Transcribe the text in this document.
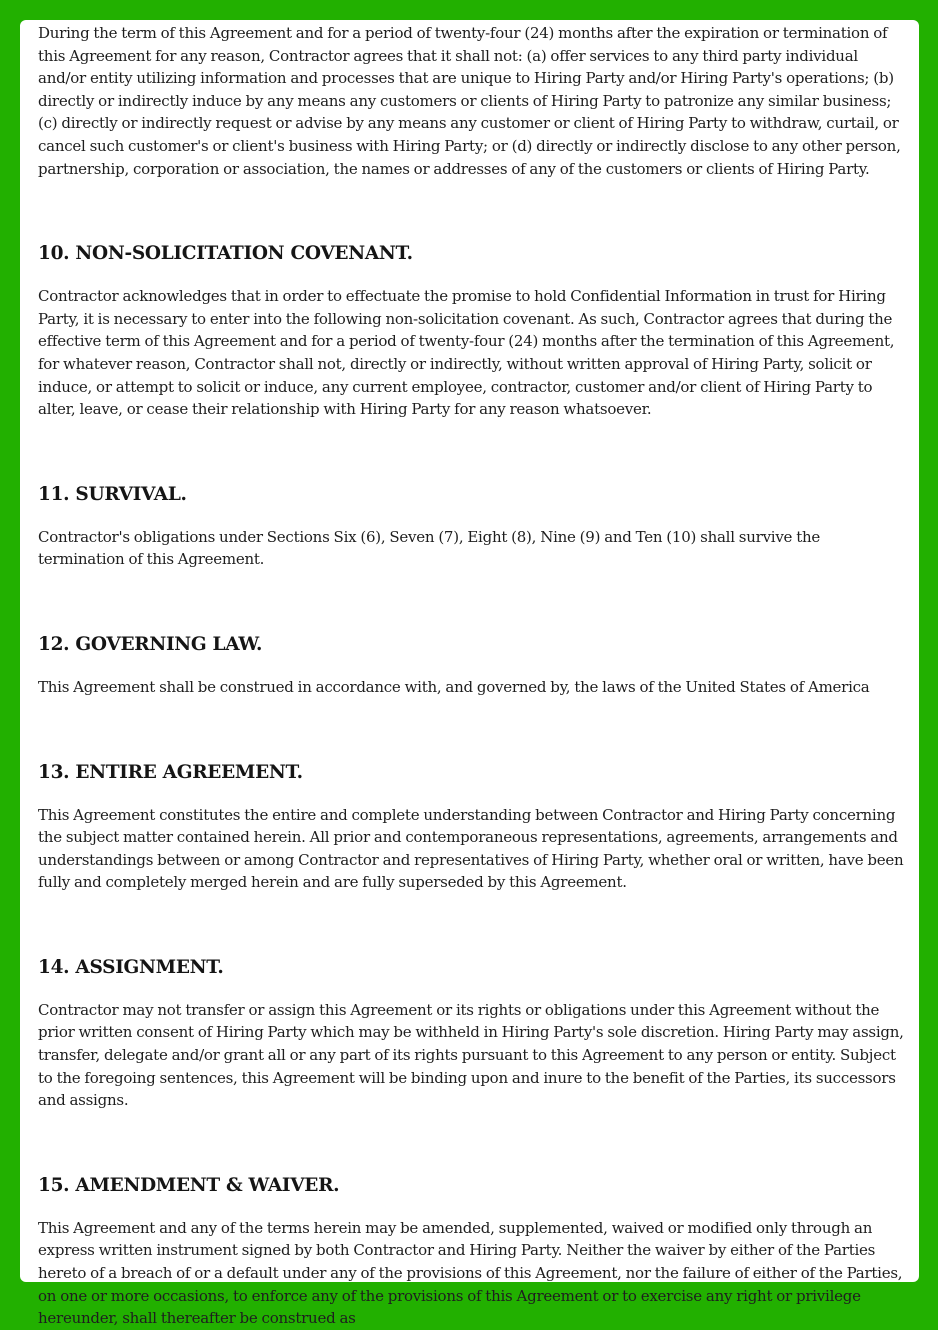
During the term of this Agreement and for a period of twenty-four (24) months after the expiration or termination of this Agreement for any reason, Contractor agrees that it shall not: (a) offer services to any third party individual and/or entity utilizing information and processes that are unique to Hiring Party and/or Hiring Party's operations; (b) directly or indirectly induce by any means any customers or clients of Hiring Party to patronize any similar business; (c) directly or indirectly request or advise by any means any customer or client of Hiring Party to withdraw, curtail, or cancel such customer's or client's business with Hiring Party; or (d) directly or indirectly disclose to any other person, partnership, corporation or association, the names or addresses of any of the customers or clients of Hiring Party.

10. NON-SOLICITATION COVENANT.

Contractor acknowledges that in order to effectuate the promise to hold Confidential Information in trust for Hiring Party, it is necessary to enter into the following non-solicitation covenant. As such, Contractor agrees that during the effective term of this Agreement and for a period of twenty-four (24) months after the termination of this Agreement, for whatever reason, Contractor shall not, directly or indirectly, without written approval of Hiring Party, solicit or induce, or attempt to solicit or induce, any current employee, contractor, customer and/or client of Hiring Party to alter, leave, or cease their relationship with Hiring Party for any reason whatsoever.

11. SURVIVAL.

Contractor's obligations under Sections Six (6), Seven (7), Eight (8), Nine (9) and Ten (10) shall survive the termination of this Agreement.

12. GOVERNING LAW.

This Agreement shall be construed in accordance with, and governed by, the laws of the United States of America

13. ENTIRE AGREEMENT.

This Agreement constitutes the entire and complete understanding between Contractor and Hiring Party concerning the subject matter contained herein. All prior and contemporaneous representations, agreements, arrangements and understandings between or among Contractor and representatives of Hiring Party, whether oral or written, have been fully and completely merged herein and are fully superseded by this Agreement.

14. ASSIGNMENT.

Contractor may not transfer or assign this Agreement or its rights or obligations under this Agreement without the prior written consent of Hiring Party which may be withheld in Hiring Party's sole discretion. Hiring Party may assign, transfer, delegate and/or grant all or any part of its rights pursuant to this Agreement to any person or entity. Subject to the foregoing sentences, this Agreement will be binding upon and inure to the benefit of the Parties, its successors and assigns.

15. AMENDMENT & WAIVER.

This Agreement and any of the terms herein may be amended, supplemented, waived or modified only through an express written instrument signed by both Contractor and Hiring Party. Neither the waiver by either of the Parties hereto of a breach of or a default under any of the provisions of this Agreement, nor the failure of either of the Parties, on one or more occasions, to enforce any of the provisions of this Agreement or to exercise any right or privilege hereunder, shall thereafter be construed as
